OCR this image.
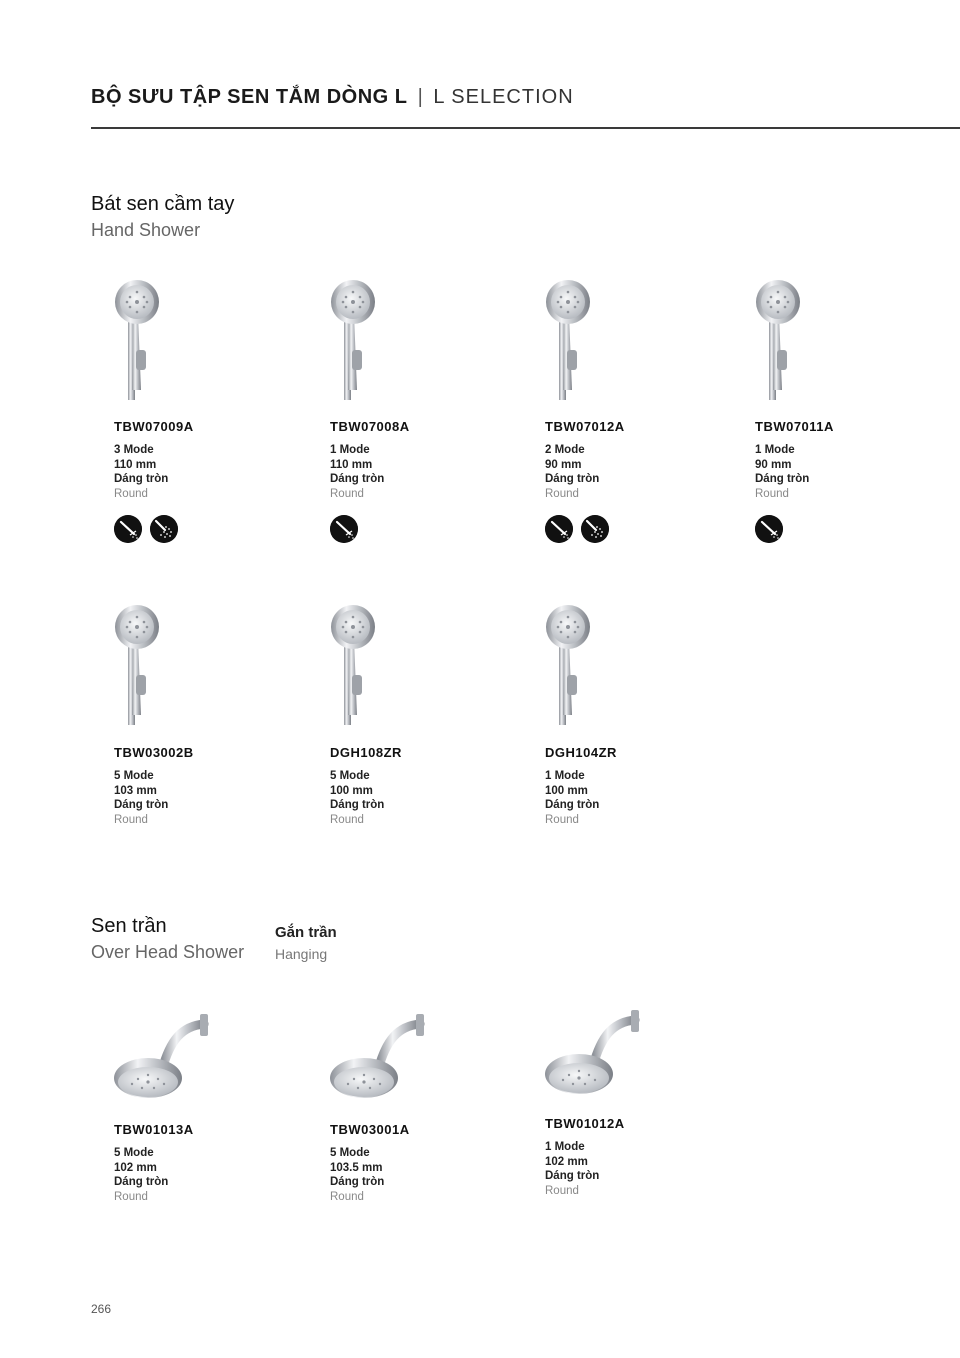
BỘ SƯU TẬP SEN TẮM DÒNG L | L SELECTION
Bát sen cầm tay
Hand Shower
TBW07009A
3 Mode
110 mm
Dáng tròn
Round
TBW07008A
1 Mode
110 mm
Dáng tròn
Round
TBW07012A
2 Mode
90 mm
Dáng tròn
Round
TBW07011A
1 Mode
90 mm
Dáng tròn
Round
TBW03002B
5 Mode
103 mm
Dáng tròn
Round
DGH108ZR
5 Mode
100 mm
Dáng tròn
Round
DGH104ZR
1 Mode
100 mm
Dáng tròn
Round
Sen trần
Over Head Shower
Gắn trần
Hanging
TBW01013A
5 Mode
102 mm
Dáng tròn
Round
TBW03001A
5 Mode
103.5 mm
Dáng tròn
Round
TBW01012A
1 Mode
102 mm
Dáng tròn
Round
266
